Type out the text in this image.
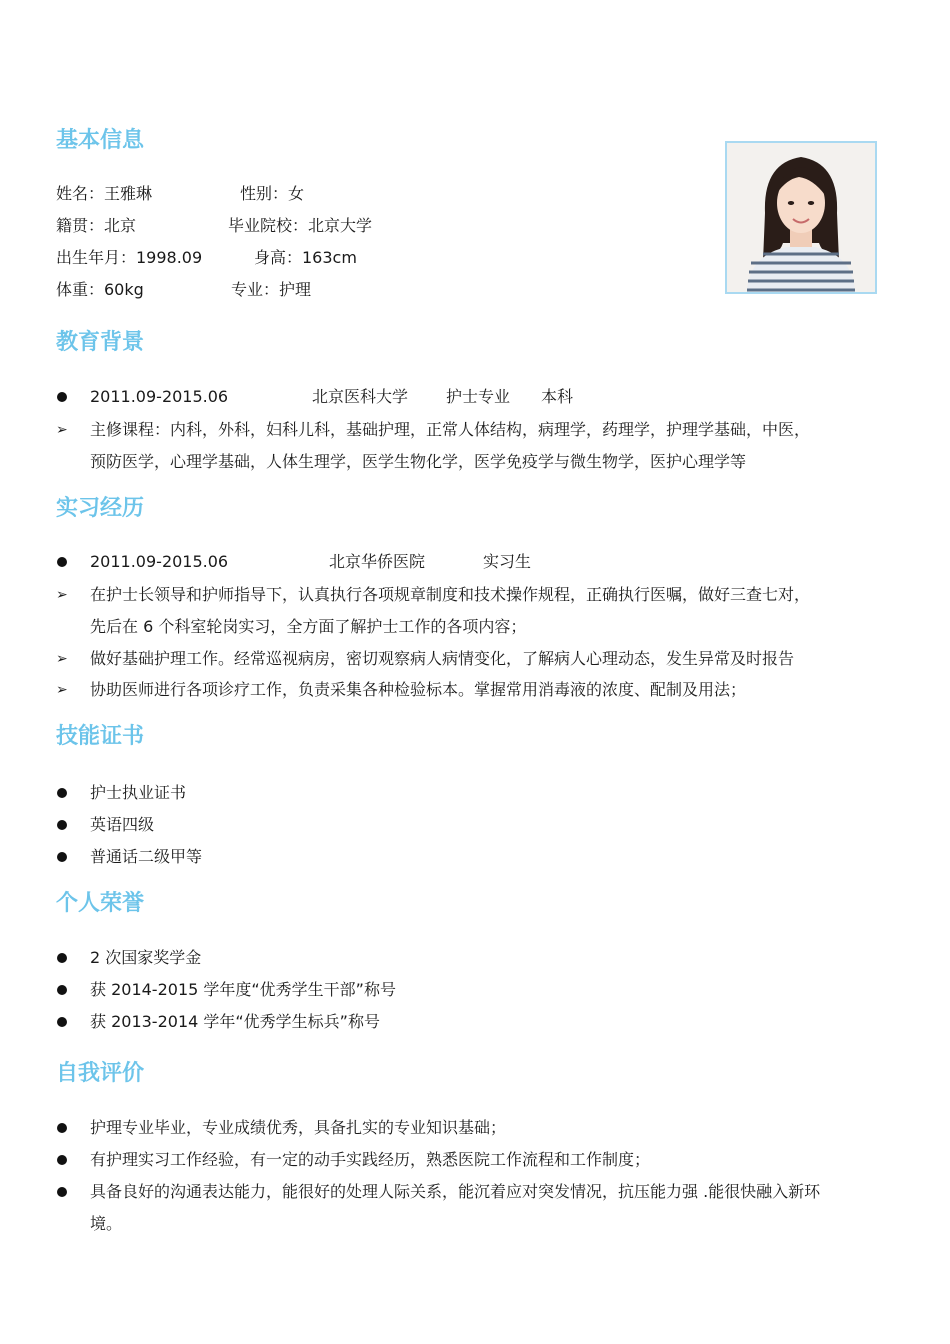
基本信息
姓名：王雅琳	性别：女
籍贯：北京	毕业院校：北京大学
出生年月：1998.09	身高：163cm
体重：60kg	专业：护理
教育背景
2011.09-2015.06	北京医科大学 护士专业 本科
➢ 主修课程：内科，外科，妇科儿科，基础护理，正常人体结构，病理学，药理学，护理学基础，中医，
预防医学，心理学基础，人体生理学，医学生物化学，医学免疫学与微生物学，医护心理学等
实习经历
2011.09-2015.06	北京华侨医院	实习生
➢ 在护士长领导和护师指导下，认真执行各项规章制度和技术操作规程，正确执行医嘱，做好三查七对，
先后在 6 个科室轮岗实习，全方面了解护士工作的各项内容；
➢ 做好基础护理工作。经常巡视病房，密切观察病人病情变化，了解病人心理动态，发生异常及时报告
➢ 协助医师进行各项诊疗工作，负责采集各种检验标本。掌握常用消毒液的浓度、配制及用法；
技能证书
护士执业证书
英语四级
普通话二级甲等
个人荣誉
2 次国家奖学金
获 2014-2015 学年度“优秀学生干部”称号
获 2013-2014 学年“优秀学生标兵”称号
自我评价
护理专业毕业，专业成绩优秀，具备扎实的专业知识基础；
有护理实习工作经验，有一定的动手实践经历，熟悉医院工作流程和工作制度；
具备良好的沟通表达能力，能很好的处理人际关系，能沉着应对突发情况，抗压能力强 .能很快融入新环
境。
